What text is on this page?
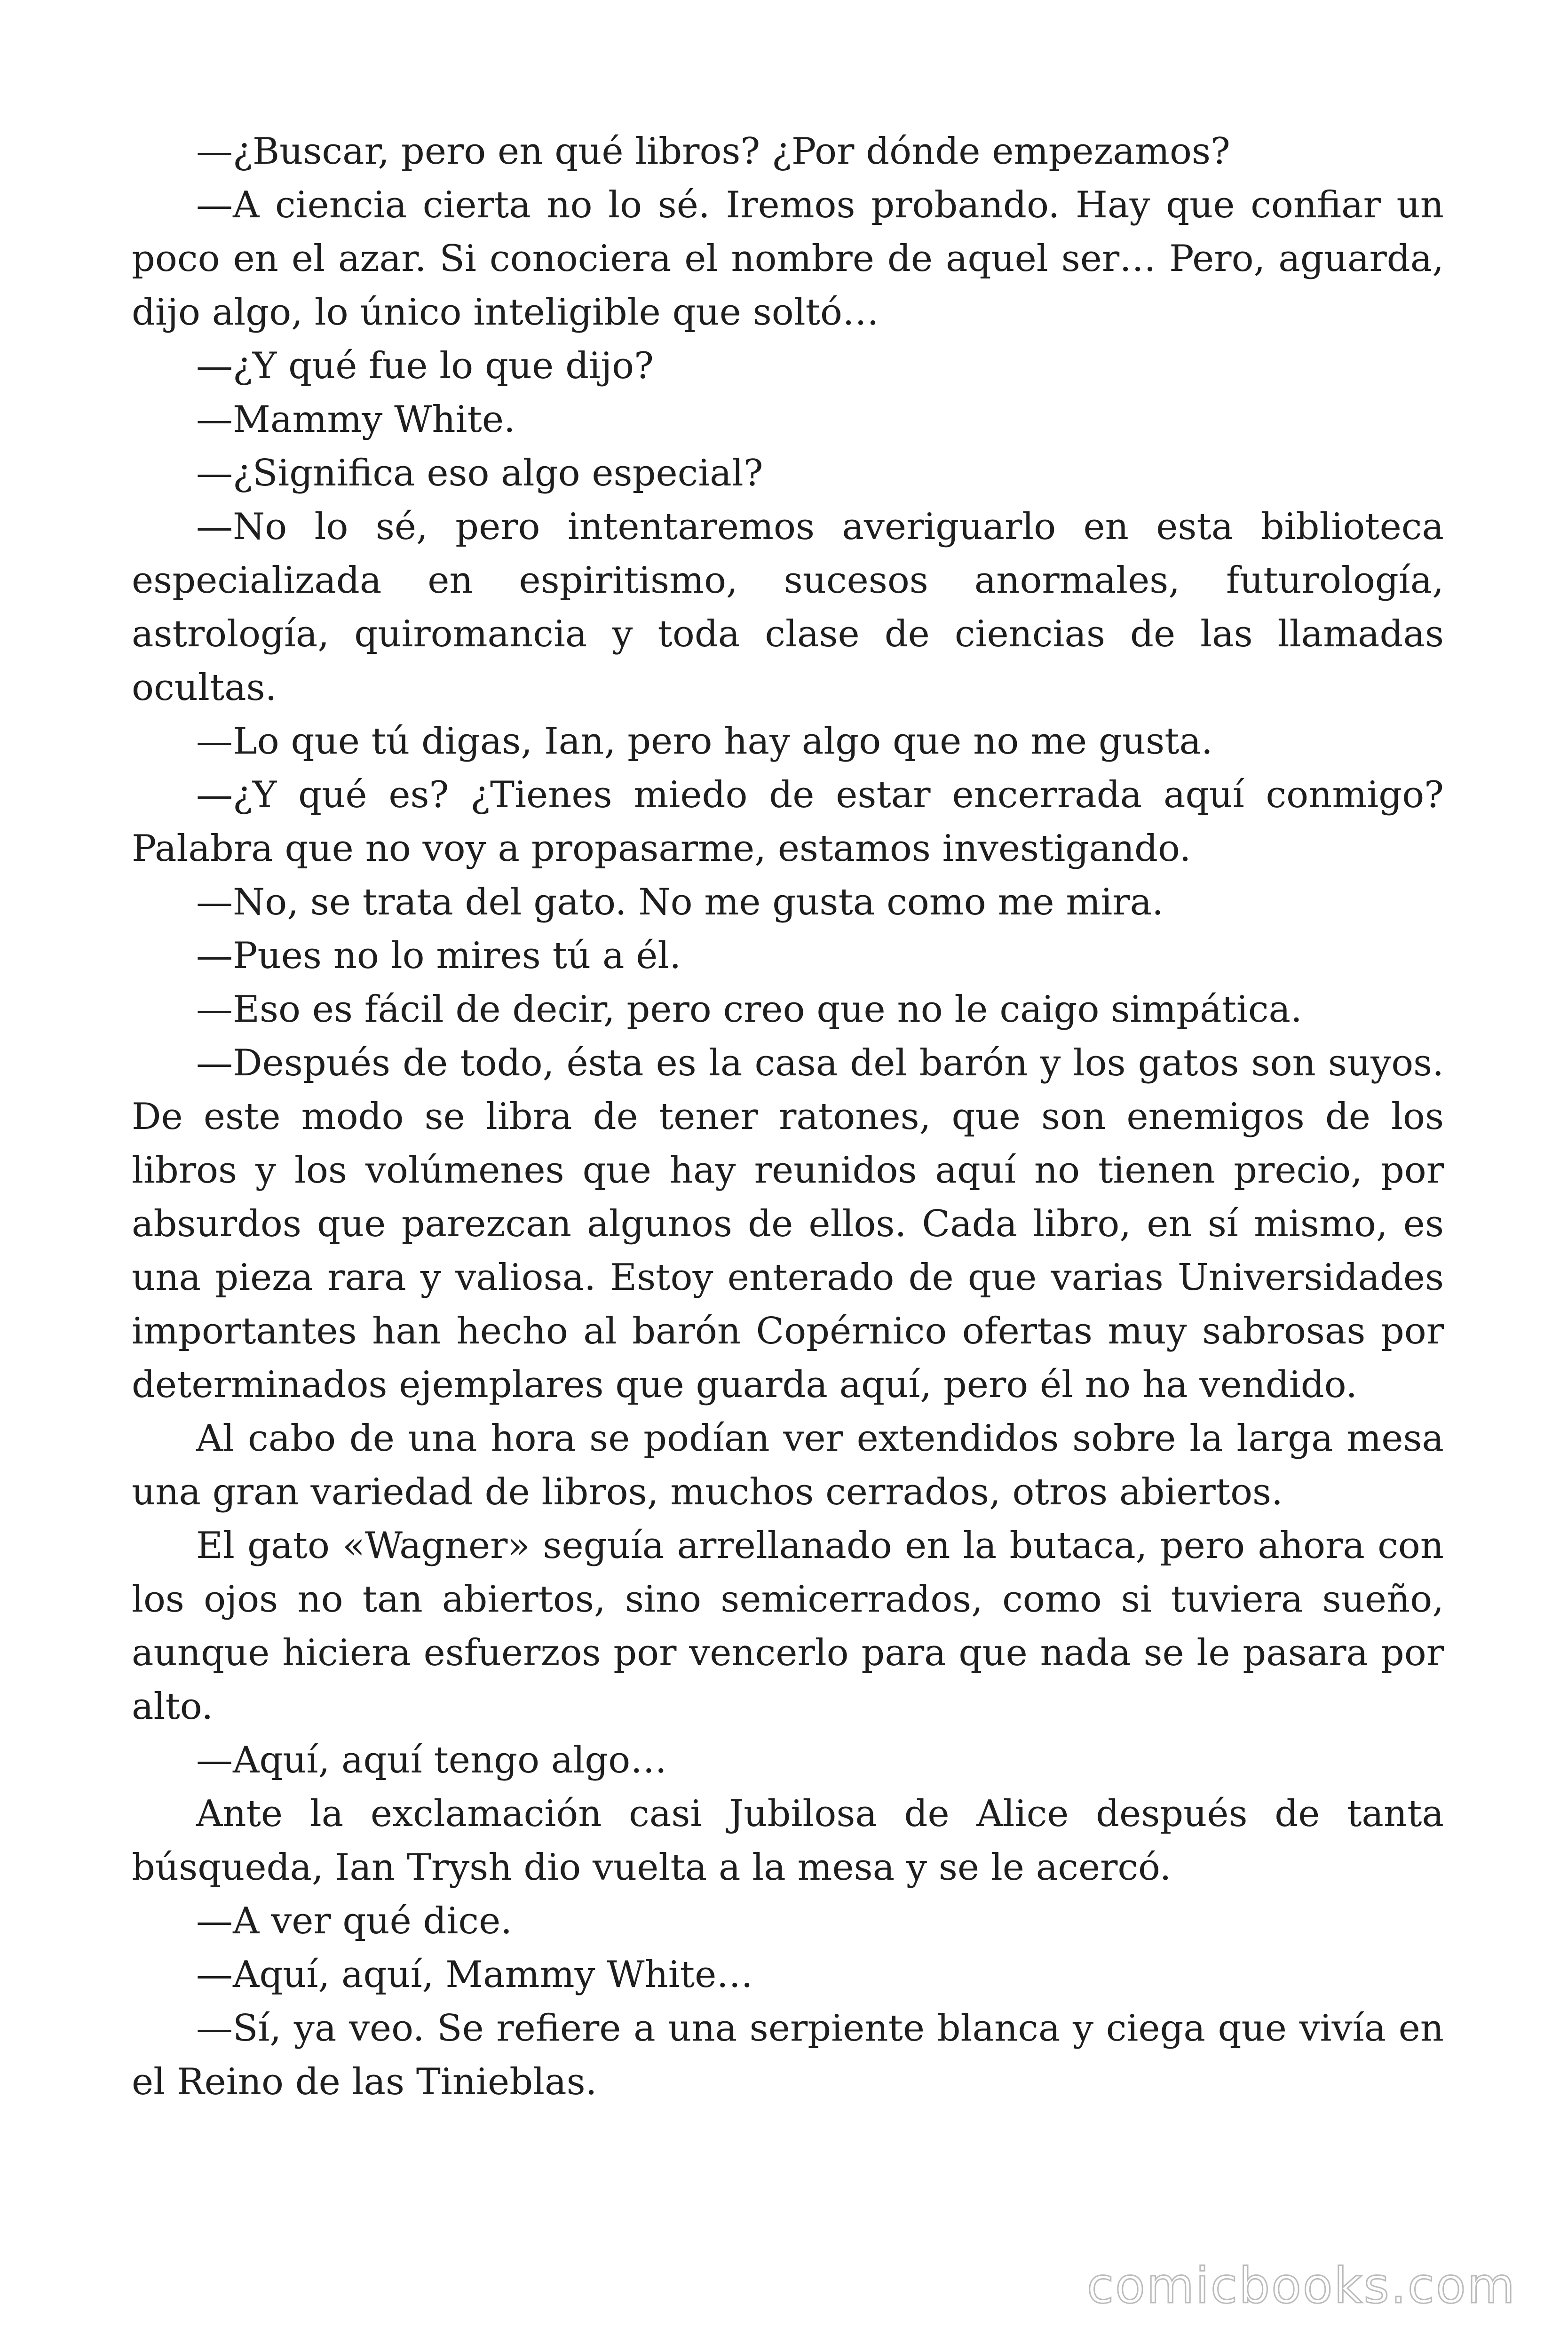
—¿Buscar, pero en qué libros? ¿Por dónde empezamos?

—A ciencia cierta no lo sé. Iremos probando. Hay que confiar un poco en el azar. Si conociera el nombre de aquel ser… Pero, aguarda, dijo algo, lo único inteligible que soltó…

—¿Y qué fue lo que dijo?

—Mammy White.

—¿Significa eso algo especial?

—No lo sé, pero intentaremos averiguarlo en esta biblioteca especializada en espiritismo, sucesos anormales, futurología, astrología, quiromancia y toda clase de ciencias de las llamadas ocultas.

—Lo que tú digas, Ian, pero hay algo que no me gusta.

—¿Y qué es? ¿Tienes miedo de estar encerrada aquí conmigo? Palabra que no voy a propasarme, estamos investigando.

—No, se trata del gato. No me gusta como me mira.

—Pues no lo mires tú a él.

—Eso es fácil de decir, pero creo que no le caigo simpática.

—Después de todo, ésta es la casa del barón y los gatos son suyos. De este modo se libra de tener ratones, que son enemigos de los libros y los volúmenes que hay reunidos aquí no tienen precio, por absurdos que parezcan algunos de ellos. Cada libro, en sí mismo, es una pieza rara y valiosa. Estoy enterado de que varias Universidades importantes han hecho al barón Copérnico ofertas muy sabrosas por determinados ejemplares que guarda aquí, pero él no ha vendido.

Al cabo de una hora se podían ver extendidos sobre la larga mesa una gran variedad de libros, muchos cerrados, otros abiertos.

El gato «Wagner» seguía arrellanado en la butaca, pero ahora con los ojos no tan abiertos, sino semicerrados, como si tuviera sueño, aunque hiciera esfuerzos por vencerlo para que nada se le pasara por alto.

—Aquí, aquí tengo algo…

Ante la exclamación casi Jubilosa de Alice después de tanta búsqueda, Ian Trysh dio vuelta a la mesa y se le acercó.

—A ver qué dice.

—Aquí, aquí, Mammy White…

—Sí, ya veo. Se refiere a una serpiente blanca y ciega que vivía en el Reino de las Tinieblas.

comicbooks.com
